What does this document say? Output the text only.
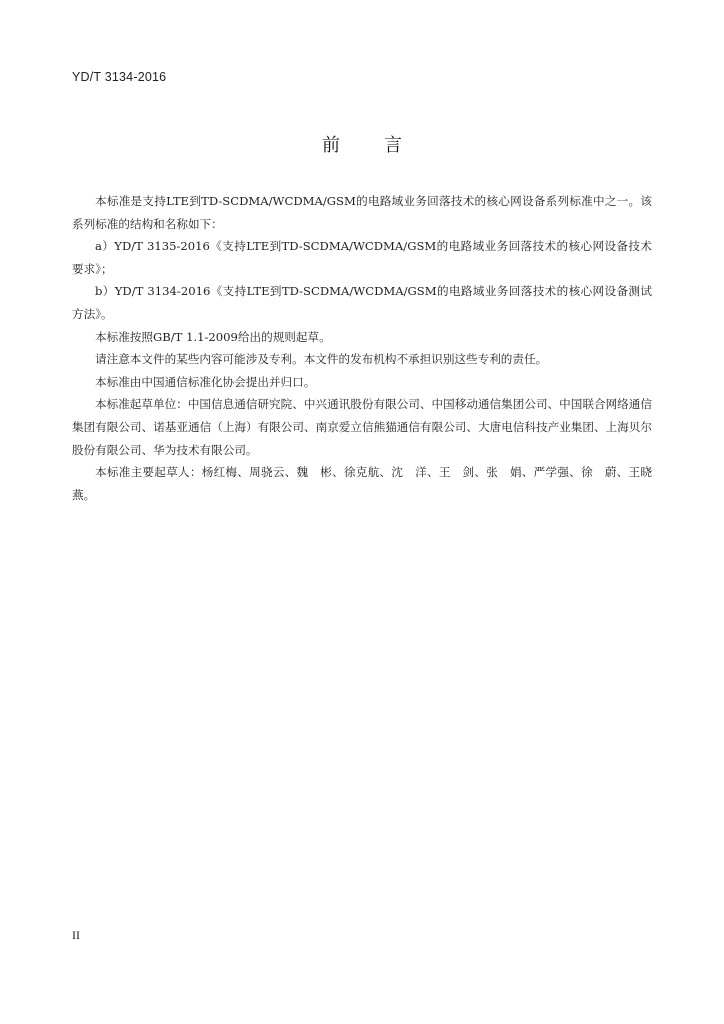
YD/T 3134-2016
前 言

本标准是支持LTE到TD-SCDMA/WCDMA/GSM的电路域业务回落技术的核心网设备系列标准中之一。该系列标准的结构和名称如下：

a）YD/T 3135-2016《支持LTE到TD-SCDMA/WCDMA/GSM的电路域业务回落技术的核心网设备技术要求》；

b）YD/T 3134-2016《支持LTE到TD-SCDMA/WCDMA/GSM的电路域业务回落技术的核心网设备测试方法》。

本标准按照GB/T 1.1-2009给出的规则起草。

请注意本文件的某些内容可能涉及专利。本文件的发布机构不承担识别这些专利的责任。

本标准由中国通信标准化协会提出并归口。

本标准起草单位：中国信息通信研究院、中兴通讯股份有限公司、中国移动通信集团公司、中国联合网络通信集团有限公司、诺基亚通信（上海）有限公司、南京爱立信熊猫通信有限公司、大唐电信科技产业集团、上海贝尔股份有限公司、华为技术有限公司。

本标准主要起草人：杨红梅、周骁云、魏　彬、徐克航、沈　洋、王　剑、张　娟、严学强、徐　蔚、王晓燕。

II
